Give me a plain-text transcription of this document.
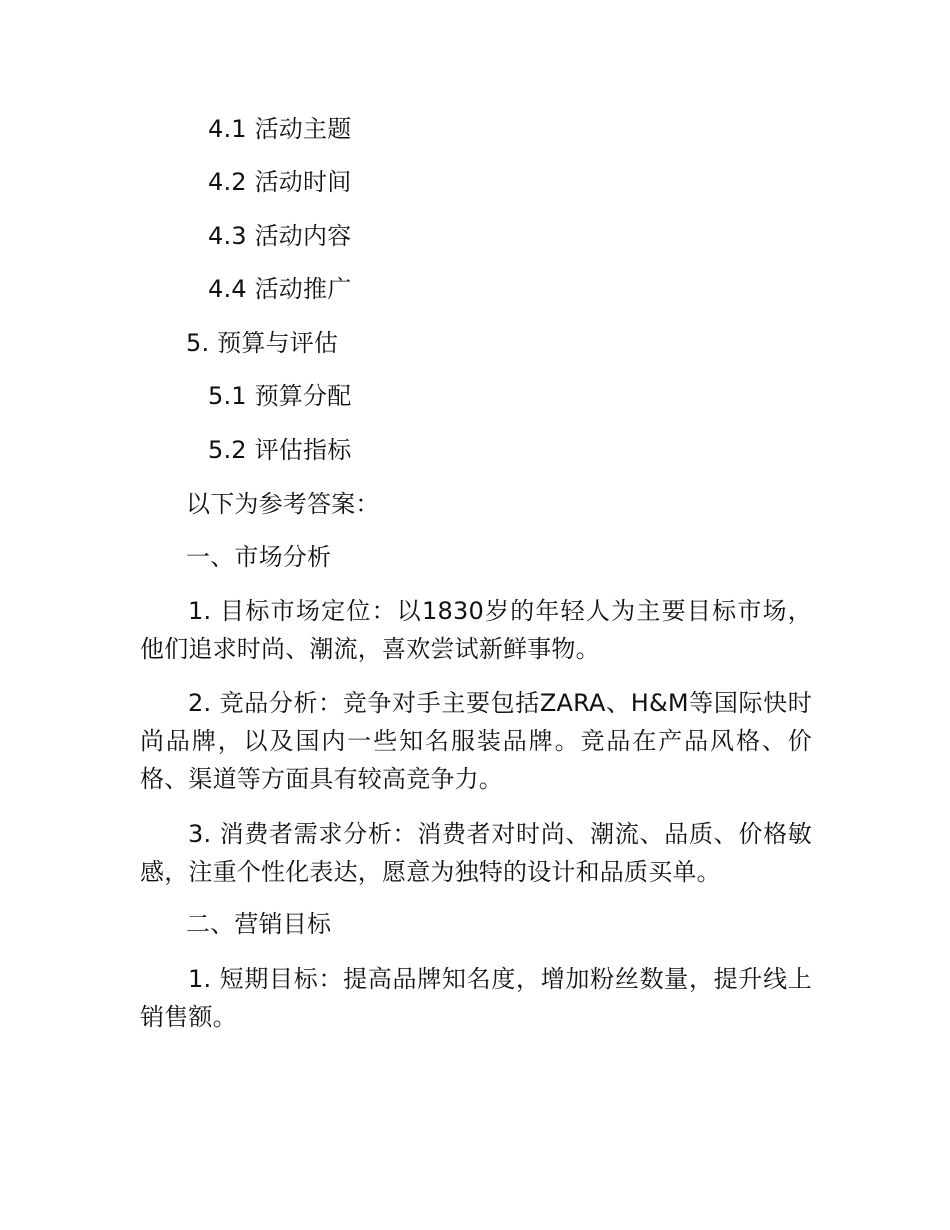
4.1 活动主题
4.2 活动时间
4.3 活动内容
4.4 活动推广
5. 预算与评估
5.1 预算分配
5.2 评估指标
以下为参考答案：
一、市场分析
1. 目标市场定位：以1830岁的年轻人为主要目标市场，他们追求时尚、潮流，喜欢尝试新鲜事物。
2. 竞品分析：竞争对手主要包括ZARA、H&M等国际快时尚品牌，以及国内一些知名服装品牌。竞品在产品风格、价格、渠道等方面具有较高竞争力。
3. 消费者需求分析：消费者对时尚、潮流、品质、价格敏感，注重个性化表达，愿意为独特的设计和品质买单。
二、营销目标
1. 短期目标：提高品牌知名度，增加粉丝数量，提升线上销售额。
